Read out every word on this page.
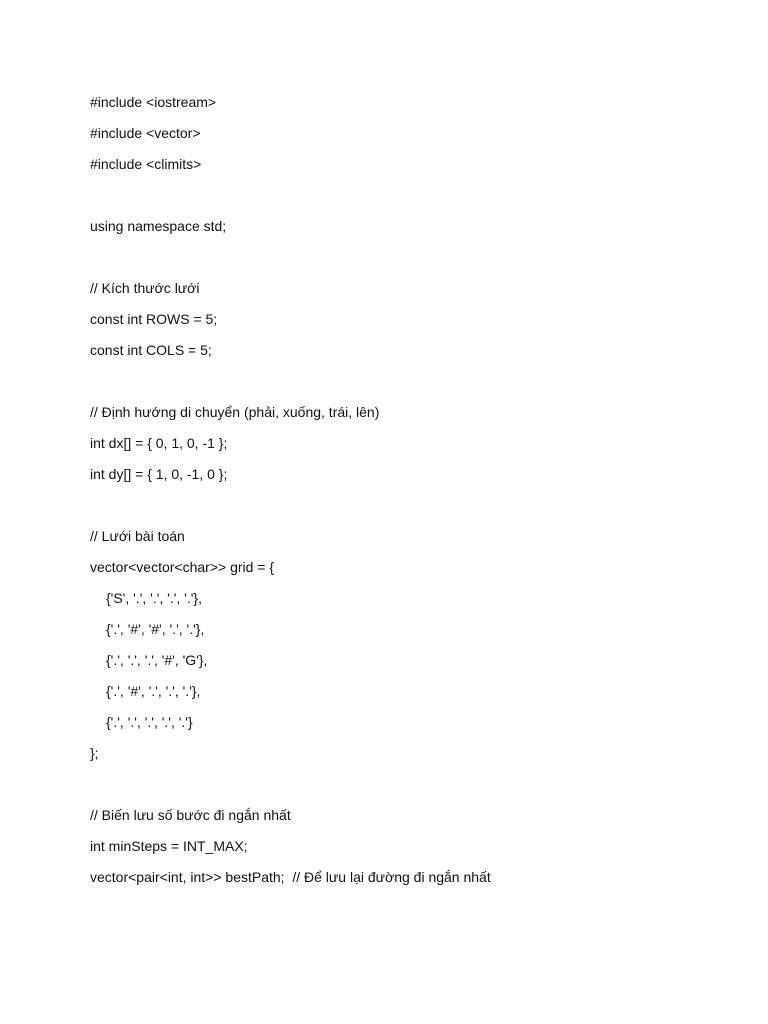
#include <iostream>
#include <vector>
#include <climits>
using namespace std;
// Kích thước lưới
const int ROWS = 5;
const int COLS = 5;
// Định hướng di chuyển (phải, xuống, trái, lên)
int dx[] = { 0, 1, 0, -1 };
int dy[] = { 1, 0, -1, 0 };
// Lưới bài toán
vector<vector<char>> grid = {
{'S', '.', '.', '.', '.'},
{'.', '#', '#', '.', '.'},
{'.', '.', '.', '#', 'G'},
{'.', '#', '.', '.', '.'},
{'.', '.', '.', '.', '.'}
};
// Biến lưu số bước đi ngắn nhất
int minSteps = INT_MAX;
vector<pair<int, int>> bestPath;  // Để lưu lại đường đi ngắn nhất
